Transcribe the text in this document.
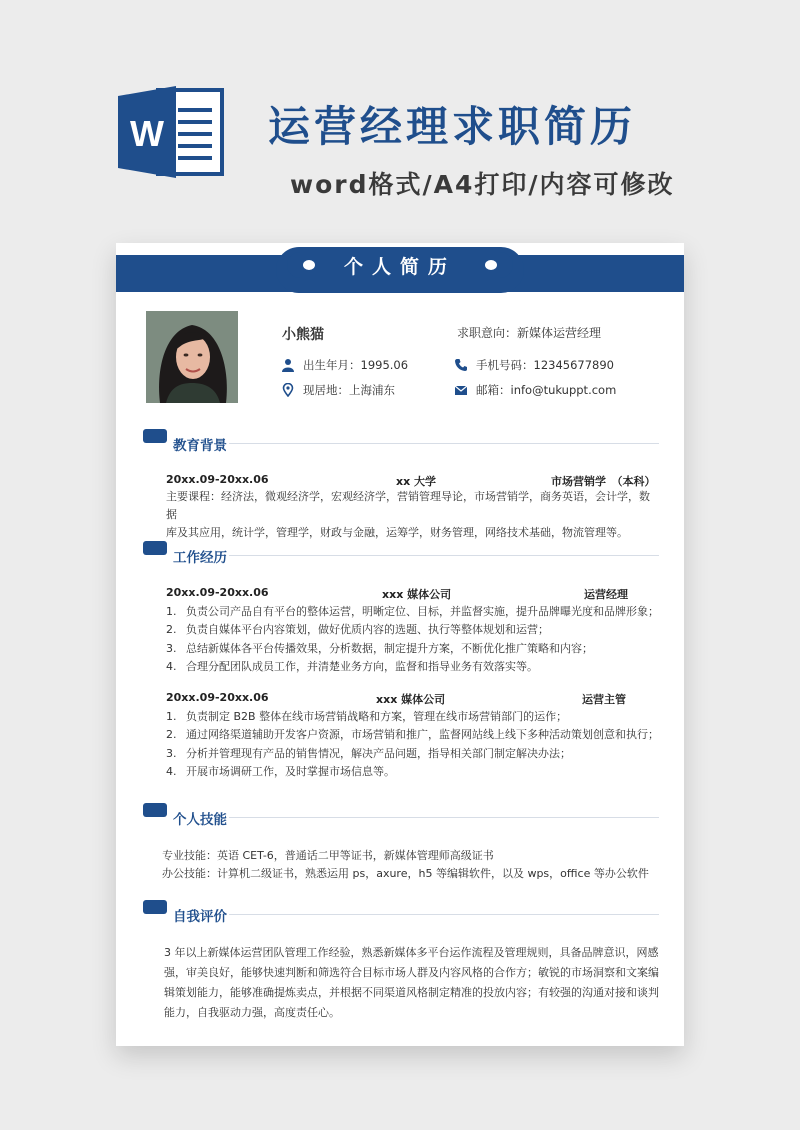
W 运营经理求职简历
word格式/A4打印/内容可修改
个人简历
小熊猫	求职意向：新媒体运营经理
出生年月：1995.06	手机号码：12345677890
现居地：上海浦东	邮箱：info@tukuppt.com
教育背景
20xx.09-20xx.06	xx 大学	市场营销学　（本科）
主要课程：经济法，微观经济学，宏观经济学，营销管理导论，市场营销学，商务英语，会计学，数据
库及其应用，统计学，管理学，财政与金融，运筹学，财务管理，网络技术基础，物流管理等。
工作经历
20xx.09-20xx.06	xxx 媒体公司	运营经理
1. 负责公司产品自有平台的整体运营，明晰定位、目标，并监督实施，提升品牌曝光度和品牌形象；
2. 负责自媒体平台内容策划，做好优质内容的选题、执行等整体规划和运营；
3. 总结新媒体各平台传播效果，分析数据，制定提升方案，不断优化推广策略和内容；
4. 合理分配团队成员工作，并清楚业务方向，监督和指导业务有效落实等。
20xx.09-20xx.06	xxx 媒体公司	运营主管
1. 负责制定 B2B 整体在线市场营销战略和方案，管理在线市场营销部门的运作；
2. 通过网络渠道辅助开发客户资源，市场营销和推广，监督网站线上线下多种活动策划创意和执行；
3. 分析并管理现有产品的销售情况，解决产品问题，指导相关部门制定解决办法；
4. 开展市场调研工作，及时掌握市场信息等。
个人技能
专业技能：英语 CET-6，普通话二甲等证书，新媒体管理师高级证书
办公技能：计算机二级证书，熟悉运用 ps，axure，h5 等编辑软件，以及 wps，office 等办公软件
自我评价
3 年以上新媒体运营团队管理工作经验，熟悉新媒体多平台运作流程及管理规则，具备品牌意识，网感
强，审美良好，能够快速判断和筛选符合目标市场人群及内容风格的合作方；敏锐的市场洞察和文案编
辑策划能力，能够准确提炼卖点，并根据不同渠道风格制定精准的投放内容；有较强的沟通对接和谈判
能力，自我驱动力强，高度责任心。
